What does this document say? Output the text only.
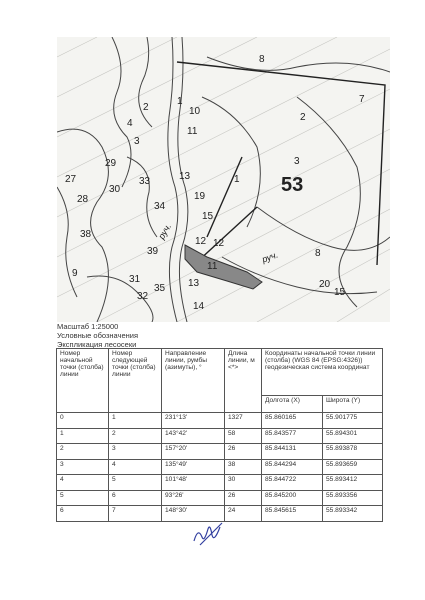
8
7
2
4
1
10
2
11
3
3
29
27
30
33	53
1
13
19
28
34
15
38
12 12
39	8
11
9
31
35 13
32
14
20
15
руч.
руч.
Масштаб 1:25000
Условные обозначения
Экспликация лесосеки
Номер начальной точки (столба) линии	Номер следующей точки (столба) линии	Направление линии, румбы (азимуты), °	Длина линии, м <*>	Координаты начальной точки линии (столба) (WGS 84 (EPSG:4326)) геодезическая система координат	
				Долгота (X)	Широта (Y)
0	1	231°13'	1327	85.860165	55.901775
1	2	143°42'	58	85.843577	55.894301
2	3	157°20'	26	85.844131	55.893878
3	4	135°49'	38	85.844294	55.893659
4	5	101°48'	30	85.844722	55.893412
5	6	93°26'	26	85.845200	55.893356
6	7	148°30'	24	85.845615	55.893342
